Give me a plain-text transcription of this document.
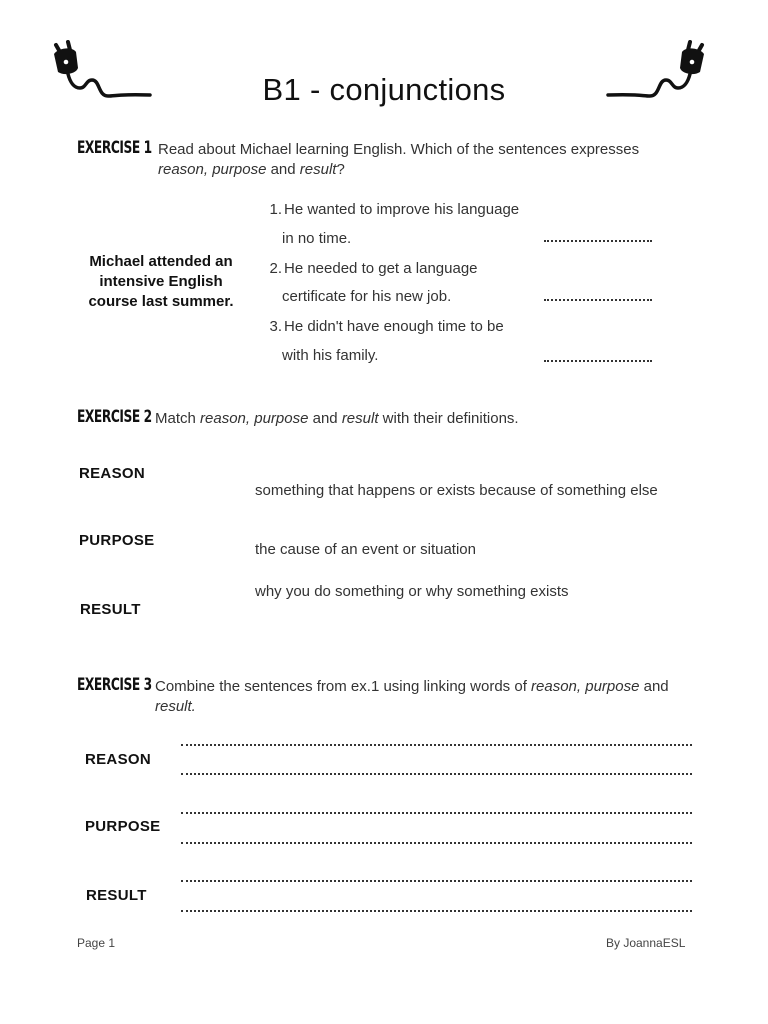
B1 - conjunctions
EXERCISE 1 Read about Michael learning English. Which of the sentences expresses
reason, purpose and result?
Michael attended an intensive English course last summer.
1. He wanted to improve his language
in no time.
2. He needed to get a language
certificate for his new job.
3. He didn't have enough time to be
with his family.
EXERCISE 2 Match reason, purpose and result with their definitions.
REASON
PURPOSE
RESULT
something that happens or exists because of something else
the cause of an event or situation
why you do something or why something exists
EXERCISE 3 Combine the sentences from ex.1 using linking words of reason, purpose and
result.
REASON
PURPOSE
RESULT
Page 1	By JoannaESL
